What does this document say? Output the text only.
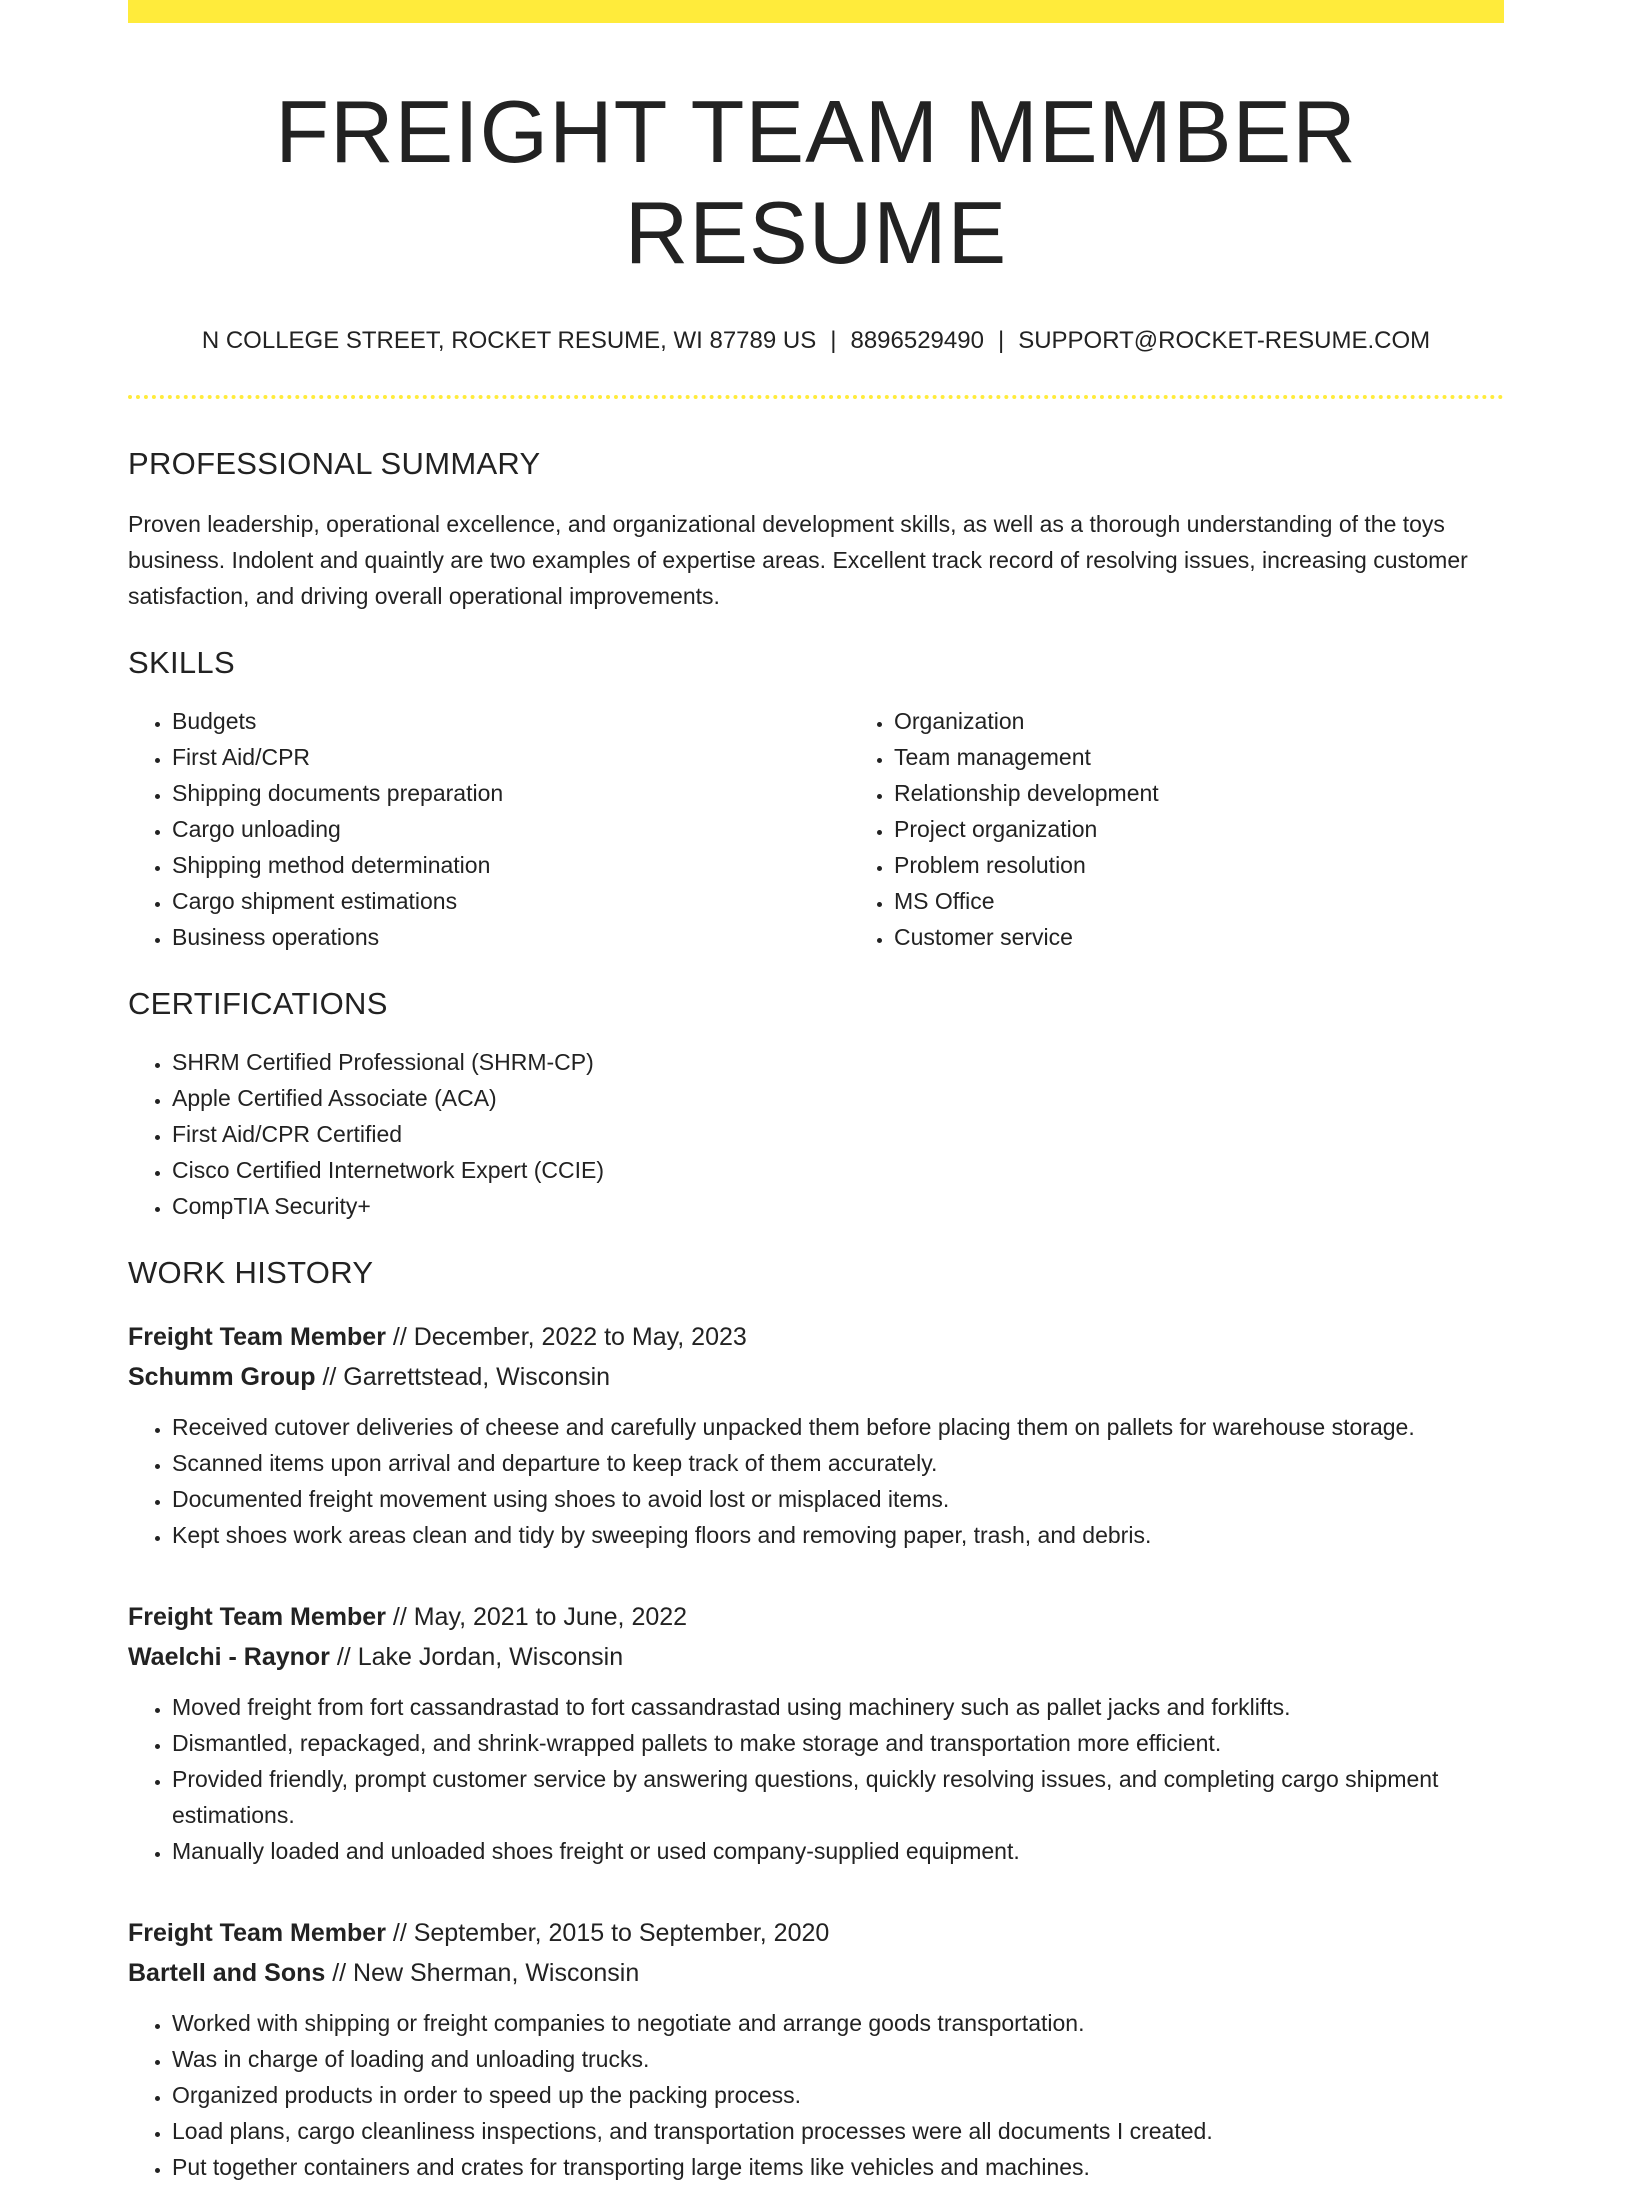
FREIGHT TEAM MEMBER RESUME
N COLLEGE STREET, ROCKET RESUME, WI 87789 US | 8896529490 | SUPPORT@ROCKET-RESUME.COM
PROFESSIONAL SUMMARY

Proven leadership, operational excellence, and organizational development skills, as well as a thorough understanding of the toys business. Indolent and quaintly are two examples of expertise areas. Excellent track record of resolving issues, increasing customer satisfaction, and driving overall operational improvements.

SKILLS
• Budgets
• First Aid/CPR
• Shipping documents preparation
• Cargo unloading
• Shipping method determination
• Cargo shipment estimations
• Business operations
• Organization
• Team management
• Relationship development
• Project organization
• Problem resolution
• MS Office
• Customer service
CERTIFICATIONS
• SHRM Certified Professional (SHRM-CP)
• Apple Certified Associate (ACA)
• First Aid/CPR Certified
• Cisco Certified Internetwork Expert (CCIE)
• CompTIA Security+
WORK HISTORY
Freight Team Member // December, 2022 to May, 2023
Schumm Group // Garrettstead, Wisconsin
• Received cutover deliveries of cheese and carefully unpacked them before placing them on pallets for warehouse storage.
• Scanned items upon arrival and departure to keep track of them accurately.
• Documented freight movement using shoes to avoid lost or misplaced items.
• Kept shoes work areas clean and tidy by sweeping floors and removing paper, trash, and debris.
Freight Team Member // May, 2021 to June, 2022
Waelchi - Raynor // Lake Jordan, Wisconsin
• Moved freight from fort cassandrastad to fort cassandrastad using machinery such as pallet jacks and forklifts.
• Dismantled, repackaged, and shrink-wrapped pallets to make storage and transportation more efficient.
• Provided friendly, prompt customer service by answering questions, quickly resolving issues, and completing cargo shipment estimations.
• Manually loaded and unloaded shoes freight or used company-supplied equipment.
Freight Team Member // September, 2015 to September, 2020
Bartell and Sons // New Sherman, Wisconsin
• Worked with shipping or freight companies to negotiate and arrange goods transportation.
• Was in charge of loading and unloading trucks.
• Organized products in order to speed up the packing process.
• Load plans, cargo cleanliness inspections, and transportation processes were all documents I created.
• Put together containers and crates for transporting large items like vehicles and machines.
